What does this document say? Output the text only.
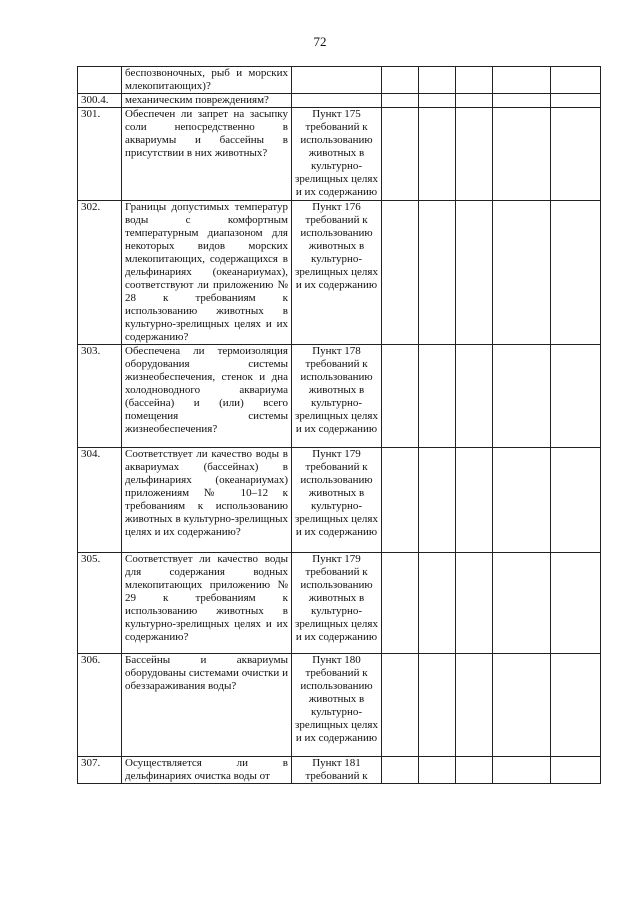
72
	беспозвоночных, рыб и морских млекопитающих)?						
300.4.	механическим повреждениям?						
301.	Обеспечен ли запрет на засыпку соли непосредственно в аквариумы и бассейны в присутствии в них животных?	Пункт 175 требований к использованию животных в культурно-зрелищных целях и их содержанию					
302.	Границы допустимых температур воды с комфортным температурным диапазоном для некоторых видов морских млекопитающих, содержащихся в дельфинариях (океанариумах), соответствуют ли приложению № 28 к требованиям к использованию животных в культурно-зрелищных целях и их содержанию?	Пункт 176 требований к использованию животных в культурно-зрелищных целях и их содержанию					
303.	Обеспечена ли термоизоляция оборудования системы жизнеобеспечения, стенок и дна холодноводного аквариума (бассейна) и (или) всего помещения системы жизнеобеспечения?	Пункт 178 требований к использованию животных в культурно-зрелищных целях и их содержанию					
304.	Соответствует ли качество воды в аквариумах (бассейнах) в дельфинариях (океанариумах) приложениям № 10–12 к требованиям к использованию животных в культурно-зрелищных целях и их содержанию?	Пункт 179 требований к использованию животных в культурно-зрелищных целях и их содержанию					
305.	Соответствует ли качество воды для содержания водных млекопитающих приложению № 29 к требованиям к использованию животных в культурно-зрелищных целях и их содержанию?	Пункт 179 требований к использованию животных в культурно-зрелищных целях и их содержанию					
306.	Бассейны и аквариумы оборудованы системами очистки и обеззараживания воды?	Пункт 180 требований к использованию животных в культурно-зрелищных целях и их содержанию					
307.	Осуществляется ли в дельфинариях очистка воды от	Пункт 181 требований к					
